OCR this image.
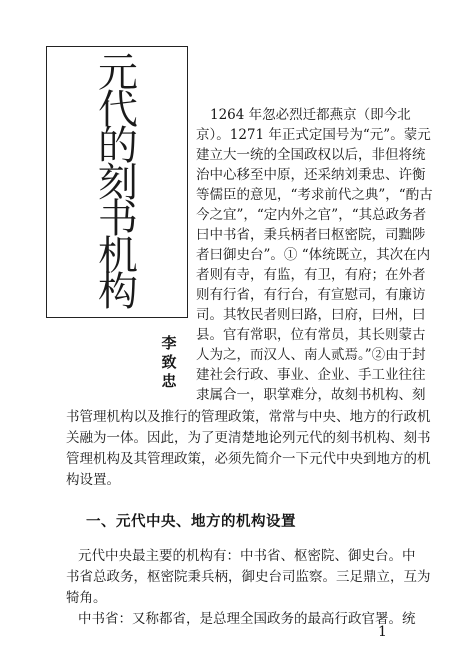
元
代
的
刻
书
机
构
李
致
忠
1264 年忽必烈迁都燕京（即今北
京）。1271 年正式定国号为“元”。蒙元
建立大一统的全国政权以后，非但将统
治中心移至中原，还采纳刘秉忠、许衡
等儒臣的意见，“考求前代之典”，“酌古
今之宜”，“定内外之官”，“其总政务者
曰中书省，秉兵柄者曰枢密院，司黜陟
者曰御史台”。① “体统既立，其次在内
者则有寺，有监，有卫，有府；在外者
则有行省，有行台，有宣慰司，有廉访
司。其牧民者则曰路，曰府，曰州，曰
县。官有常职，位有常员，其长则蒙古
人为之，而汉人、南人贰焉。”②由于封
建社会行政、事业、企业、手工业往往
隶属合一，职掌难分，故刻书机构、刻
书管理机构以及推行的管理政策，常常与中央、地方的行政机
关融为一体。因此，为了更清楚地论列元代的刻书机构、刻书
管理机构及其管理政策，必须先简介一下元代中央到地方的机
构设置。
一、元代中央、地方的机构设置
元代中央最主要的机构有：中书省、枢密院、御史台。中
书省总政务，枢密院秉兵柄，御史台司监察。三足鼎立，互为
犄角。
中书省：又称都省，是总理全国政务的最高行政官署。统
1
